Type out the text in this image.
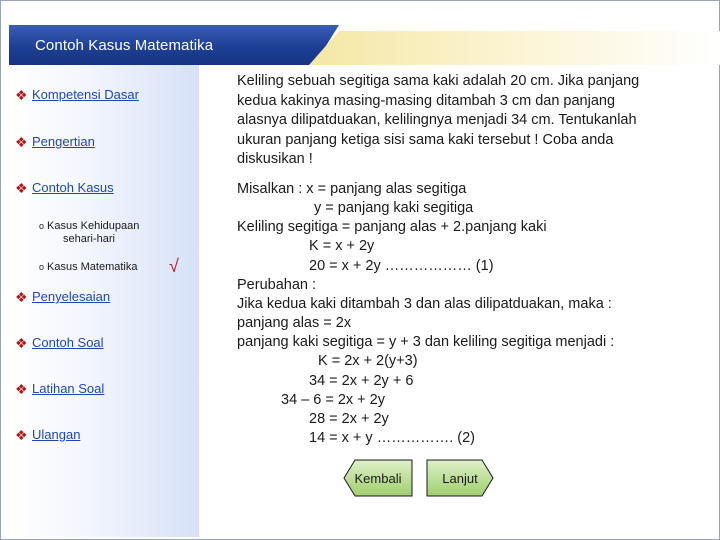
Contoh Kasus Matematika
❖ Kompetensi Dasar
❖ Pengertian
❖ Contoh Kasus
o Kasus Kehidupaan
sehari-hari
o Kasus Matematika √
❖ Penyelesaian
❖ Contoh Soal
❖ Latihan Soal
❖ Ulangan
Keliling sebuah segitiga sama kaki adalah 20 cm. Jika panjang
kedua kakinya masing-masing ditambah 3 cm dan panjang
alasnya dilipatduakan, kelilingnya menjadi 34 cm. Tentukanlah
ukuran panjang ketiga sisi sama kaki tersebut ! Coba anda
diskusikan !
Misalkan : x = panjang alas segitiga
y = panjang kaki segitiga
Keliling segitiga = panjang alas + 2.panjang kaki
K = x + 2y
20 = x + 2y ……………… (1)
Perubahan :
Jika kedua kaki ditambah 3 dan alas dilipatduakan, maka :
panjang alas = 2x
panjang kaki segitiga = y + 3 dan keliling segitiga menjadi :
K = 2x + 2(y+3)
34 = 2x + 2y + 6
34 – 6 = 2x + 2y
28 = 2x + 2y
14 = x + y ……………. (2)
Kembali	Lanjut
